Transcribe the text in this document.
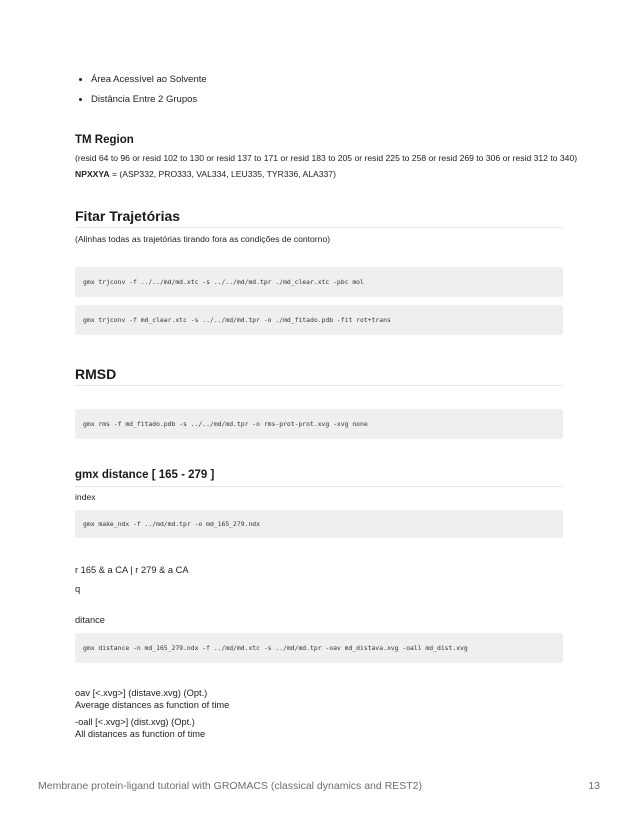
• Área Acessível ao Solvente
• Distância Entre 2 Grupos
TM Region

(resid 64 to 96 or resid 102 to 130 or resid 137 to 171 or resid 183 to 205 or resid 225 to 258 or resid 269 to 306 or resid 312 to 340)

NPXXYA = (ASP332, PRO333, VAL334, LEU335, TYR336, ALA337)

Fitar Trajetórias

(Alinhas todas as trajetórias tirando fora as condições de contorno)

gmx trjconv -f ../../md/md.xtc -s ../../md/md.tpr ./md_clear.xtc -pbc mol
gmx trjconv -f md_clear.xtc -s ../../md/md.tpr -o ./md_fitado.pdb -fit rot+trans
RMSD
gmx rms -f md_fitado.pdb -s ../../md/md.tpr -o rms-prot-prot.xvg -xvg none
gmx distance [ 165 - 279 ]

index

gmx make_ndx -f ../md/md.tpr -o md_165_279.ndx

r 165 & a CA | r 279 & a CA

q

ditance

gmx distance -n md_165_279.ndx -f ../md/md.xtc -s ../md/md.tpr -oav md_distava.xvg -oall md_dist.xvg

oav [<.xvg>] (distave.xvg) (Opt.)

Average distances as function of time

-oall [<.xvg>] (dist.xvg) (Opt.)

All distances as function of time

Membrane protein-ligand tutorial with GROMACS (classical dynamics and REST2)	13
